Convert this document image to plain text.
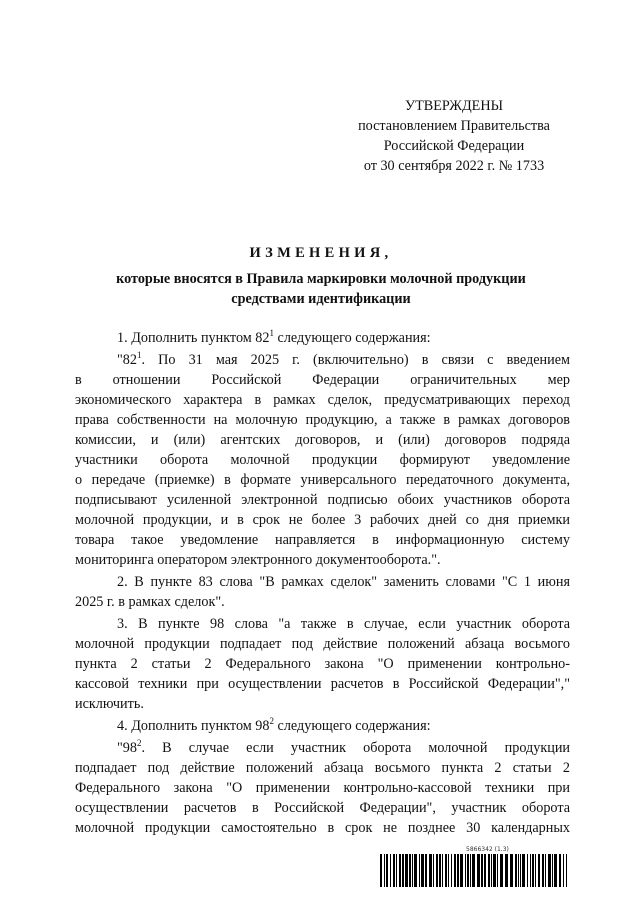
УТВЕРЖДЕНЫ
постановлением Правительства
Российской Федерации
от 30 сентября 2022 г. № 1733
ИЗМЕНЕНИЯ,
которые вносятся в Правила маркировки молочной продукции
средствами идентификации
1. Дополнить пунктом $82^1$ следующего содержания:
"$82^1$. По 31 мая 2025 г. (включительно) в связи с введением
в отношении Российской Федерации ограничительных мер
экономического характера в рамках сделок, предусматривающих переход
права собственности на молочную продукцию, а также в рамках договоров
комиссии, и (или) агентских договоров, и (или) договоров подряда
участники оборота молочной продукции формируют уведомление
о передаче (приемке) в формате универсального передаточного документа,
подписывают усиленной электронной подписью обоих участников оборота
молочной продукции, и в срок не более 3 рабочих дней со дня приемки
товара такое уведомление направляется в информационную систему
мониторинга оператором электронного документооборота.".
2. В пункте 83 слова "В рамках сделок" заменить словами "С 1 июня
2025 г. в рамках сделок".
3. В пункте 98 слова "а также в случае, если участник оборота
молочной продукции подпадает под действие положений абзаца восьмого
пункта 2 статьи 2 Федерального закона "О применении контрольно-
кассовой техники при осуществлении расчетов в Российской Федерации","
исключить.
4. Дополнить пунктом $98^2$ следующего содержания:
"$98^2$. В случае если участник оборота молочной продукции
подпадает под действие положений абзаца восьмого пункта 2 статьи 2
Федерального закона "О применении контрольно-кассовой техники при
осуществлении расчетов в Российской Федерации", участник оборота
молочной продукции самостоятельно в срок не позднее 30 календарных
5866342 (1.3)
